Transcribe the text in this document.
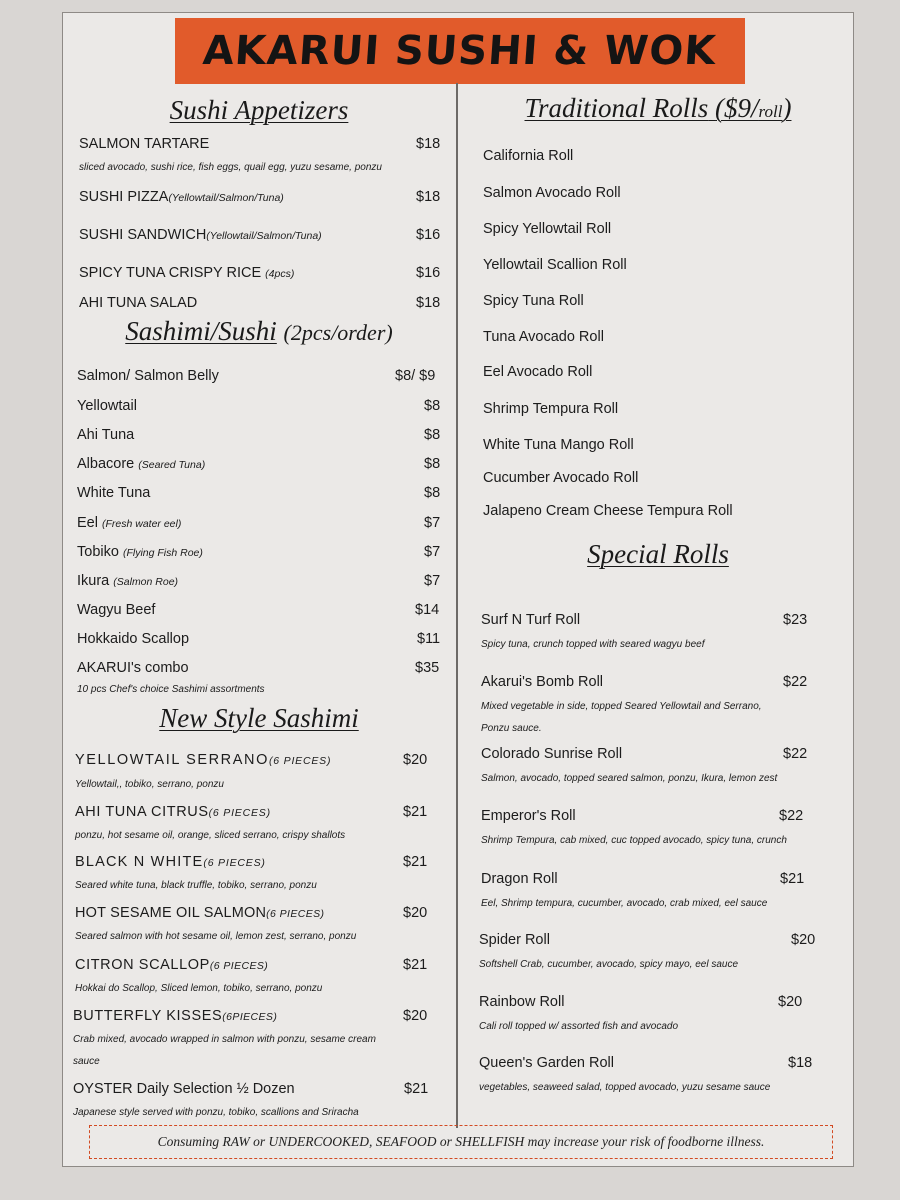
AKARUI SUSHI & WOK
Sushi Appetizers
SALMON TARTARE	$18
sliced avocado, sushi rice, fish eggs, quail egg, yuzu sesame, ponzu
SUSHI PIZZA(Yellowtail/Salmon/Tuna)	$18
SUSHI SANDWICH(Yellowtail/Salmon/Tuna)	$16
SPICY TUNA CRISPY RICE (4pcs)	$16
AHI TUNA SALAD	$18
Sashimi/Sushi (2pcs/order)
Salmon/ Salmon Belly	$8/ $9
Yellowtail	$8
Ahi Tuna	$8
Albacore (Seared Tuna)	$8
White Tuna	$8
Eel (Fresh water eel)	$7
Tobiko (Flying Fish Roe)	$7
Ikura (Salmon Roe)	$7
Wagyu Beef	$14
Hokkaido Scallop	$11
AKARUI's combo	$35
10 pcs Chef's choice Sashimi assortments
New Style Sashimi
YELLOWTAIL SERRANO(6 PIECES)	$20
Yellowtail,, tobiko, serrano, ponzu
AHI TUNA CITRUS(6 PIECES)	$21
ponzu, hot sesame oil, orange, sliced serrano, crispy shallots
BLACK N WHITE(6 PIECES)	$21
Seared white tuna, black truffle, tobiko, serrano, ponzu
HOT SESAME OIL SALMON(6 PIECES)	$20
Seared salmon with hot sesame oil, lemon zest, serrano, ponzu
CITRON SCALLOP(6 PIECES)	$21
Hokkai do Scallop, Sliced lemon, tobiko, serrano, ponzu
BUTTERFLY KISSES(6PIECES)	$20
Crab mixed, avocado wrapped in salmon with ponzu, sesame cream
sauce
OYSTER Daily Selection ½ Dozen	$21
Japanese style served with ponzu, tobiko, scallions and Sriracha
Traditional Rolls ($9/roll)
California Roll
Salmon Avocado Roll
Spicy Yellowtail Roll
Yellowtail Scallion Roll
Spicy Tuna Roll
Tuna Avocado Roll
Eel Avocado Roll
Shrimp Tempura Roll
White Tuna Mango Roll
Cucumber Avocado Roll
Jalapeno Cream Cheese Tempura Roll
Special Rolls
Surf N Turf Roll	$23
Spicy tuna, crunch topped with seared wagyu beef
Akarui's Bomb Roll	$22
Mixed vegetable in side, topped Seared Yellowtail and Serrano,
Ponzu sauce.
Colorado Sunrise Roll	$22
Salmon, avocado, topped seared salmon, ponzu, Ikura, lemon zest
Emperor's Roll	$22
Shrimp Tempura, cab mixed, cuc topped avocado, spicy tuna, crunch
Dragon Roll	$21
Eel, Shrimp tempura, cucumber, avocado, crab mixed, eel sauce
Spider Roll	$20
Softshell Crab, cucumber, avocado, spicy mayo, eel sauce
Rainbow Roll	$20
Cali roll topped w/ assorted fish and avocado
Queen's Garden Roll	$18
vegetables, seaweed salad, topped avocado, yuzu sesame sauce
Consuming RAW or UNDERCOOKED, SEAFOOD or SHELLFISH may increase your risk of foodborne illness.
